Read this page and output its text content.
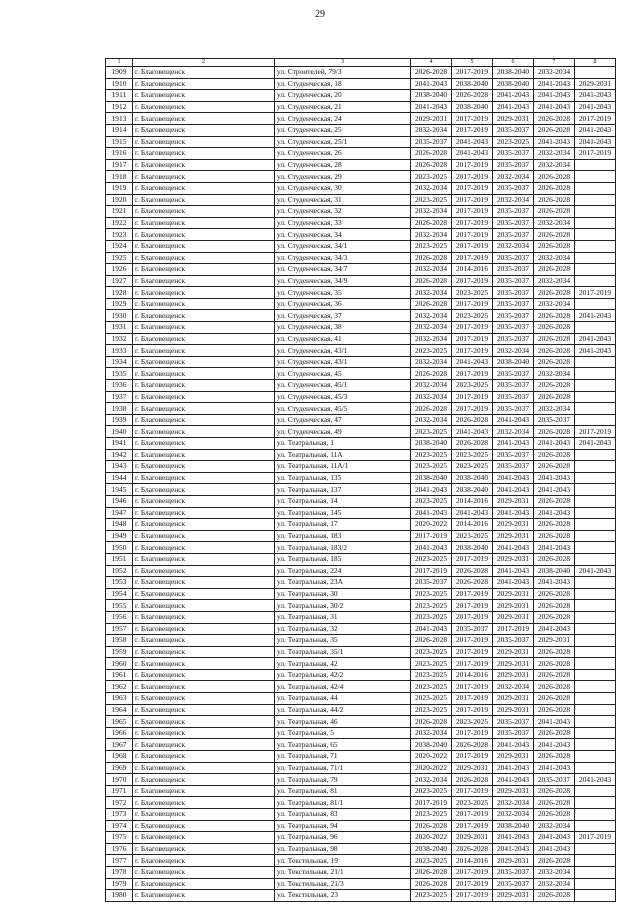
29
1	2	3	4	5	6	7	8
1909	г. Благовещенск	ул. Строителей, 79/3	2026-2028	2017-2019	2038-2040	2032-2034	
1910	г. Благовещенск	ул. Студенческая, 18	2041-2043	2038-2040	2038-2040	2041-2043	2029-2031
1911	г. Благовещенск	ул. Студенческая, 20	2038-2040	2026-2028	2041-2043	2041-2043	2041-2043
1912	г. Благовещенск	ул. Студенческая, 21	2041-2043	2038-2040	2041-2043	2041-2043	2041-2043
1913	г. Благовещенск	ул. Студенческая, 24	2029-2031	2017-2019	2029-2031	2026-2028	2017-2019
1914	г. Благовещенск	ул. Студенческая, 25	2032-2034	2017-2019	2035-2037	2026-2028	2041-2043
1915	г. Благовещенск	ул. Студенческая, 25/1	2035-2037	2041-2043	2023-2025	2041-2043	2041-2043
1916	г. Благовещенск	ул. Студенческая, 26	2026-2028	2041-2043	2035-2037	2032-2034	2017-2019
1917	г. Благовещенск	ул. Студенческая, 28	2026-2028	2017-2019	2035-2037	2032-2034	
1918	г. Благовещенск	ул. Студенческая, 29	2023-2025	2017-2019	2032-2034	2026-2028	
1919	г. Благовещенск	ул. Студенческая, 30	2032-2034	2017-2019	2035-2037	2026-2028	
1920	г. Благовещенск	ул. Студенческая, 31	2023-2025	2017-2019	2032-2034	2026-2028	
1921	г. Благовещенск	ул. Студенческая, 32	2032-2034	2017-2019	2035-2037	2026-2028	
1922	г. Благовещенск	ул. Студенческая, 33	2026-2028	2017-2019	2035-2037	2032-2034	
1923	г. Благовещенск	ул. Студенческая, 34	2032-2034	2017-2019	2035-2037	2026-2028	
1924	г. Благовещенск	ул. Студенческая, 34/1	2023-2025	2017-2019	2032-2034	2026-2028	
1925	г. Благовещенск	ул. Студенческая, 34/3	2026-2028	2017-2019	2035-2037	2032-2034	
1926	г. Благовещенск	ул. Студенческая, 34/7	2032-2034	2014-2016	2035-2037	2026-2028	
1927	г. Благовещенск	ул. Студенческая, 34/9	2026-2028	2017-2019	2035-2037	2032-2034	
1928	г. Благовещенск	ул. Студенческая, 35	2032-2034	2023-2025	2035-2037	2026-2028	2017-2019
1929	г. Благовещенск	ул. Студенческая, 36	2026-2028	2017-2019	2035-2037	2032-2034	
1930	г. Благовещенск	ул. Студенческая, 37	2032-2034	2023-2025	2035-2037	2026-2028	2041-2043
1931	г. Благовещенск	ул. Студенческая, 38	2032-2034	2017-2019	2035-2037	2026-2028	
1932	г. Благовещенск	ул. Студенческая, 41	2032-2034	2017-2019	2035-2037	2026-2028	2041-2043
1933	г. Благовещенск	ул. Студенческая, 43/1	2023-2025	2017-2019	2032-2034	2026-2028	2041-2043
1934	г. Благовещенск	ул. Студенческая, 43/1	2032-2034	2041-2043	2038-2040	2026-2028	
1935	г. Благовещенск	ул. Студенческая, 45	2026-2028	2017-2019	2035-2037	2032-2034	
1936	г. Благовещенск	ул. Студенческая, 45/1	2032-2034	2023-2025	2035-2037	2026-2028	
1937	г. Благовещенск	ул. Студенческая, 45/3	2032-2034	2017-2019	2035-2037	2026-2028	
1938	г. Благовещенск	ул. Студенческая, 45/5	2026-2028	2017-2019	2035-2037	2032-2034	
1939	г. Благовещенск	ул. Студенческая, 47	2032-2034	2026-2028	2041-2043	2035-2037	
1940	г. Благовещенск	ул. Студенческая, 49	2023-2025	2041-2043	2032-2034	2026-2028	2017-2019
1941	г. Благовещенск	ул. Театральная, 1	2038-2040	2026-2028	2041-2043	2041-2043	2041-2043
1942	г. Благовещенск	ул. Театральная, 11А	2023-2025	2023-2025	2035-2037	2026-2028	
1943	г. Благовещенск	ул. Театральная, 11А/1	2023-2025	2023-2025	2035-2037	2026-2028	
1944	г. Благовещенск	ул. Театральная, 135	2038-2040	2038-2040	2041-2043	2041-2043	
1945	г. Благовещенск	ул. Театральная, 137	2041-2043	2038-2040	2041-2043	2041-2043	
1946	г. Благовещенск	ул. Театральная, 14	2023-2025	2014-2016	2029-2031	2026-2028	
1947	г. Благовещенск	ул. Театральная, 145	2041-2043	2041-2043	2041-2043	2041-2043	
1948	г. Благовещенск	ул. Театральная, 17	2020-2022	2014-2016	2029-2031	2026-2028	
1949	г. Благовещенск	ул. Театральная, 183	2017-2019	2023-2025	2029-2031	2026-2028	
1950	г. Благовещенск	ул. Театральная, 183/2	2041-2043	2038-2040	2041-2043	2041-2043	
1951	г. Благовещенск	ул. Театральная, 185	2023-2025	2017-2019	2029-2031	2026-2028	
1952	г. Благовещенск	ул. Театральная, 224	2017-2019	2026-2028	2041-2043	2038-2040	2041-2043
1953	г. Благовещенск	ул. Театральная, 23А	2035-2037	2026-2028	2041-2043	2041-2043	
1954	г. Благовещенск	ул. Театральная, 30	2023-2025	2017-2019	2029-2031	2026-2028	
1955	г. Благовещенск	ул. Театральная, 30/2	2023-2025	2017-2019	2029-2031	2026-2028	
1956	г. Благовещенск	ул. Театральная, 31	2023-2025	2017-2019	2029-2031	2026-2028	
1957	г. Благовещенск	ул. Театральная, 32	2041-2043	2035-2037	2017-2019	2041-2043	
1958	г. Благовещенск	ул. Театральная, 35	2026-2028	2017-2019	2035-2037	2029-2031	
1959	г. Благовещенск	ул. Театральная, 35/1	2023-2025	2017-2019	2029-2031	2026-2028	
1960	г. Благовещенск	ул. Театральная, 42	2023-2025	2017-2019	2029-2031	2026-2028	
1961	г. Благовещенск	ул. Театральная, 42/2	2023-2025	2014-2016	2029-2031	2026-2028	
1962	г. Благовещенск	ул. Театральная, 42/4	2023-2025	2017-2019	2032-2034	2026-2028	
1963	г. Благовещенск	ул. Театральная, 44	2023-2025	2017-2019	2029-2031	2026-2028	
1964	г. Благовещенск	ул. Театральная, 44/2	2023-2025	2017-2019	2029-2031	2026-2028	
1965	г. Благовещенск	ул. Театральная, 46	2026-2028	2023-2025	2035-2037	2041-2043	
1966	г. Благовещенск	ул. Театральная, 5	2032-2034	2017-2019	2035-2037	2026-2028	
1967	г. Благовещенск	ул. Театральная, 65	2038-2040	2026-2028	2041-2043	2041-2043	
1968	г. Благовещенск	ул. Театральная, 71	2020-2022	2017-2019	2029-2031	2026-2028	
1969	г. Благовещенск	ул. Театральная, 71/1	2020-2022	2029-2031	2041-2043	2041-2043	
1970	г. Благовещенск	ул. Театральная, 79	2032-2034	2026-2028	2041-2043	2035-2037	2041-2043
1971	г. Благовещенск	ул. Театральная, 81	2023-2025	2017-2019	2029-2031	2026-2028	
1972	г. Благовещенск	ул. Театральная, 81/1	2017-2019	2023-2025	2032-2034	2026-2028	
1973	г. Благовещенск	ул. Театральная, 83	2023-2025	2017-2019	2032-2034	2026-2028	
1974	г. Благовещенск	ул. Театральная, 94	2026-2028	2017-2019	2038-2040	2032-2034	
1975	г. Благовещенск	ул. Театральная, 96	2020-2022	2029-2031	2041-2043	2041-2043	2017-2019
1976	г. Благовещенск	ул. Театральная, 98	2038-2040	2026-2028	2041-2043	2041-2043	
1977	г. Благовещенск	ул. Текстильная, 19	2023-2025	2014-2016	2029-2031	2026-2028	
1978	г. Благовещенск	ул. Текстильная, 21/1	2026-2028	2017-2019	2035-2037	2032-2034	
1979	г. Благовещенск	ул. Текстильная, 21/3	2026-2028	2017-2019	2035-2037	2032-2034	
1980	г. Благовещенск	ул. Текстильная, 23	2023-2025	2017-2019	2029-2031	2026-2028	
